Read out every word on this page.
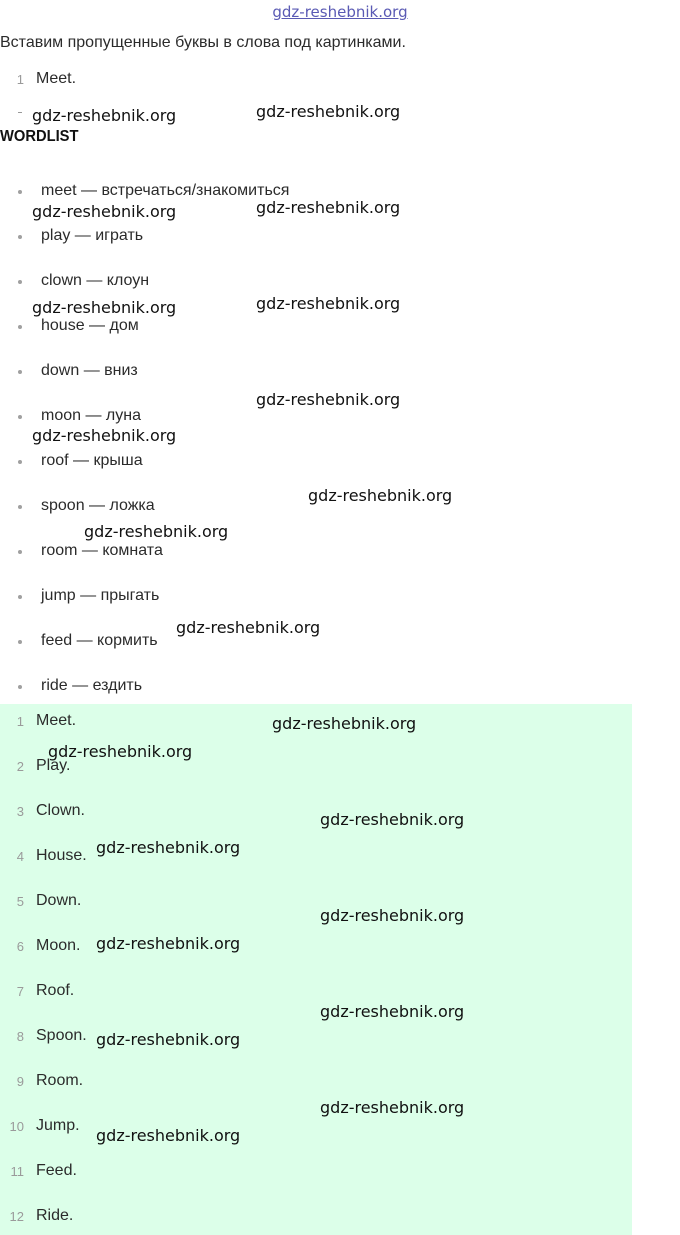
gdz-reshebnik.org
Вставим пропущенные буквы в слова под картинками.
1 Meet.
WORDLIST
meet — встречаться/знакомиться
play — играть
clown — клоун
house — дом
down — вниз
moon — луна
roof — крыша
spoon — ложка
room — комната
jump — прыгать
feed — кормить
ride — ездить
1 Meet.
2 Play.
3 Clown.
4 House.
5 Down.
6 Moon.
7 Roof.
8 Spoon.
9 Room.
10 Jump.
11 Feed.
12 Ride.
gdz-reshebnik.org	gdz-reshebnik.org
gdz-reshebnik.org	gdz-reshebnik.org
gdz-reshebnik.org	gdz-reshebnik.org
gdz-reshebnik.org
gdz-reshebnik.org
gdz-reshebnik.org
gdz-reshebnik.org
gdz-reshebnik.org
gdz-reshebnik.org
gdz-reshebnik.org
gdz-reshebnik.org
gdz-reshebnik.org
gdz-reshebnik.org
gdz-reshebnik.org
gdz-reshebnik.org
gdz-reshebnik.org
gdz-reshebnik.org
gdz-reshebnik.org
